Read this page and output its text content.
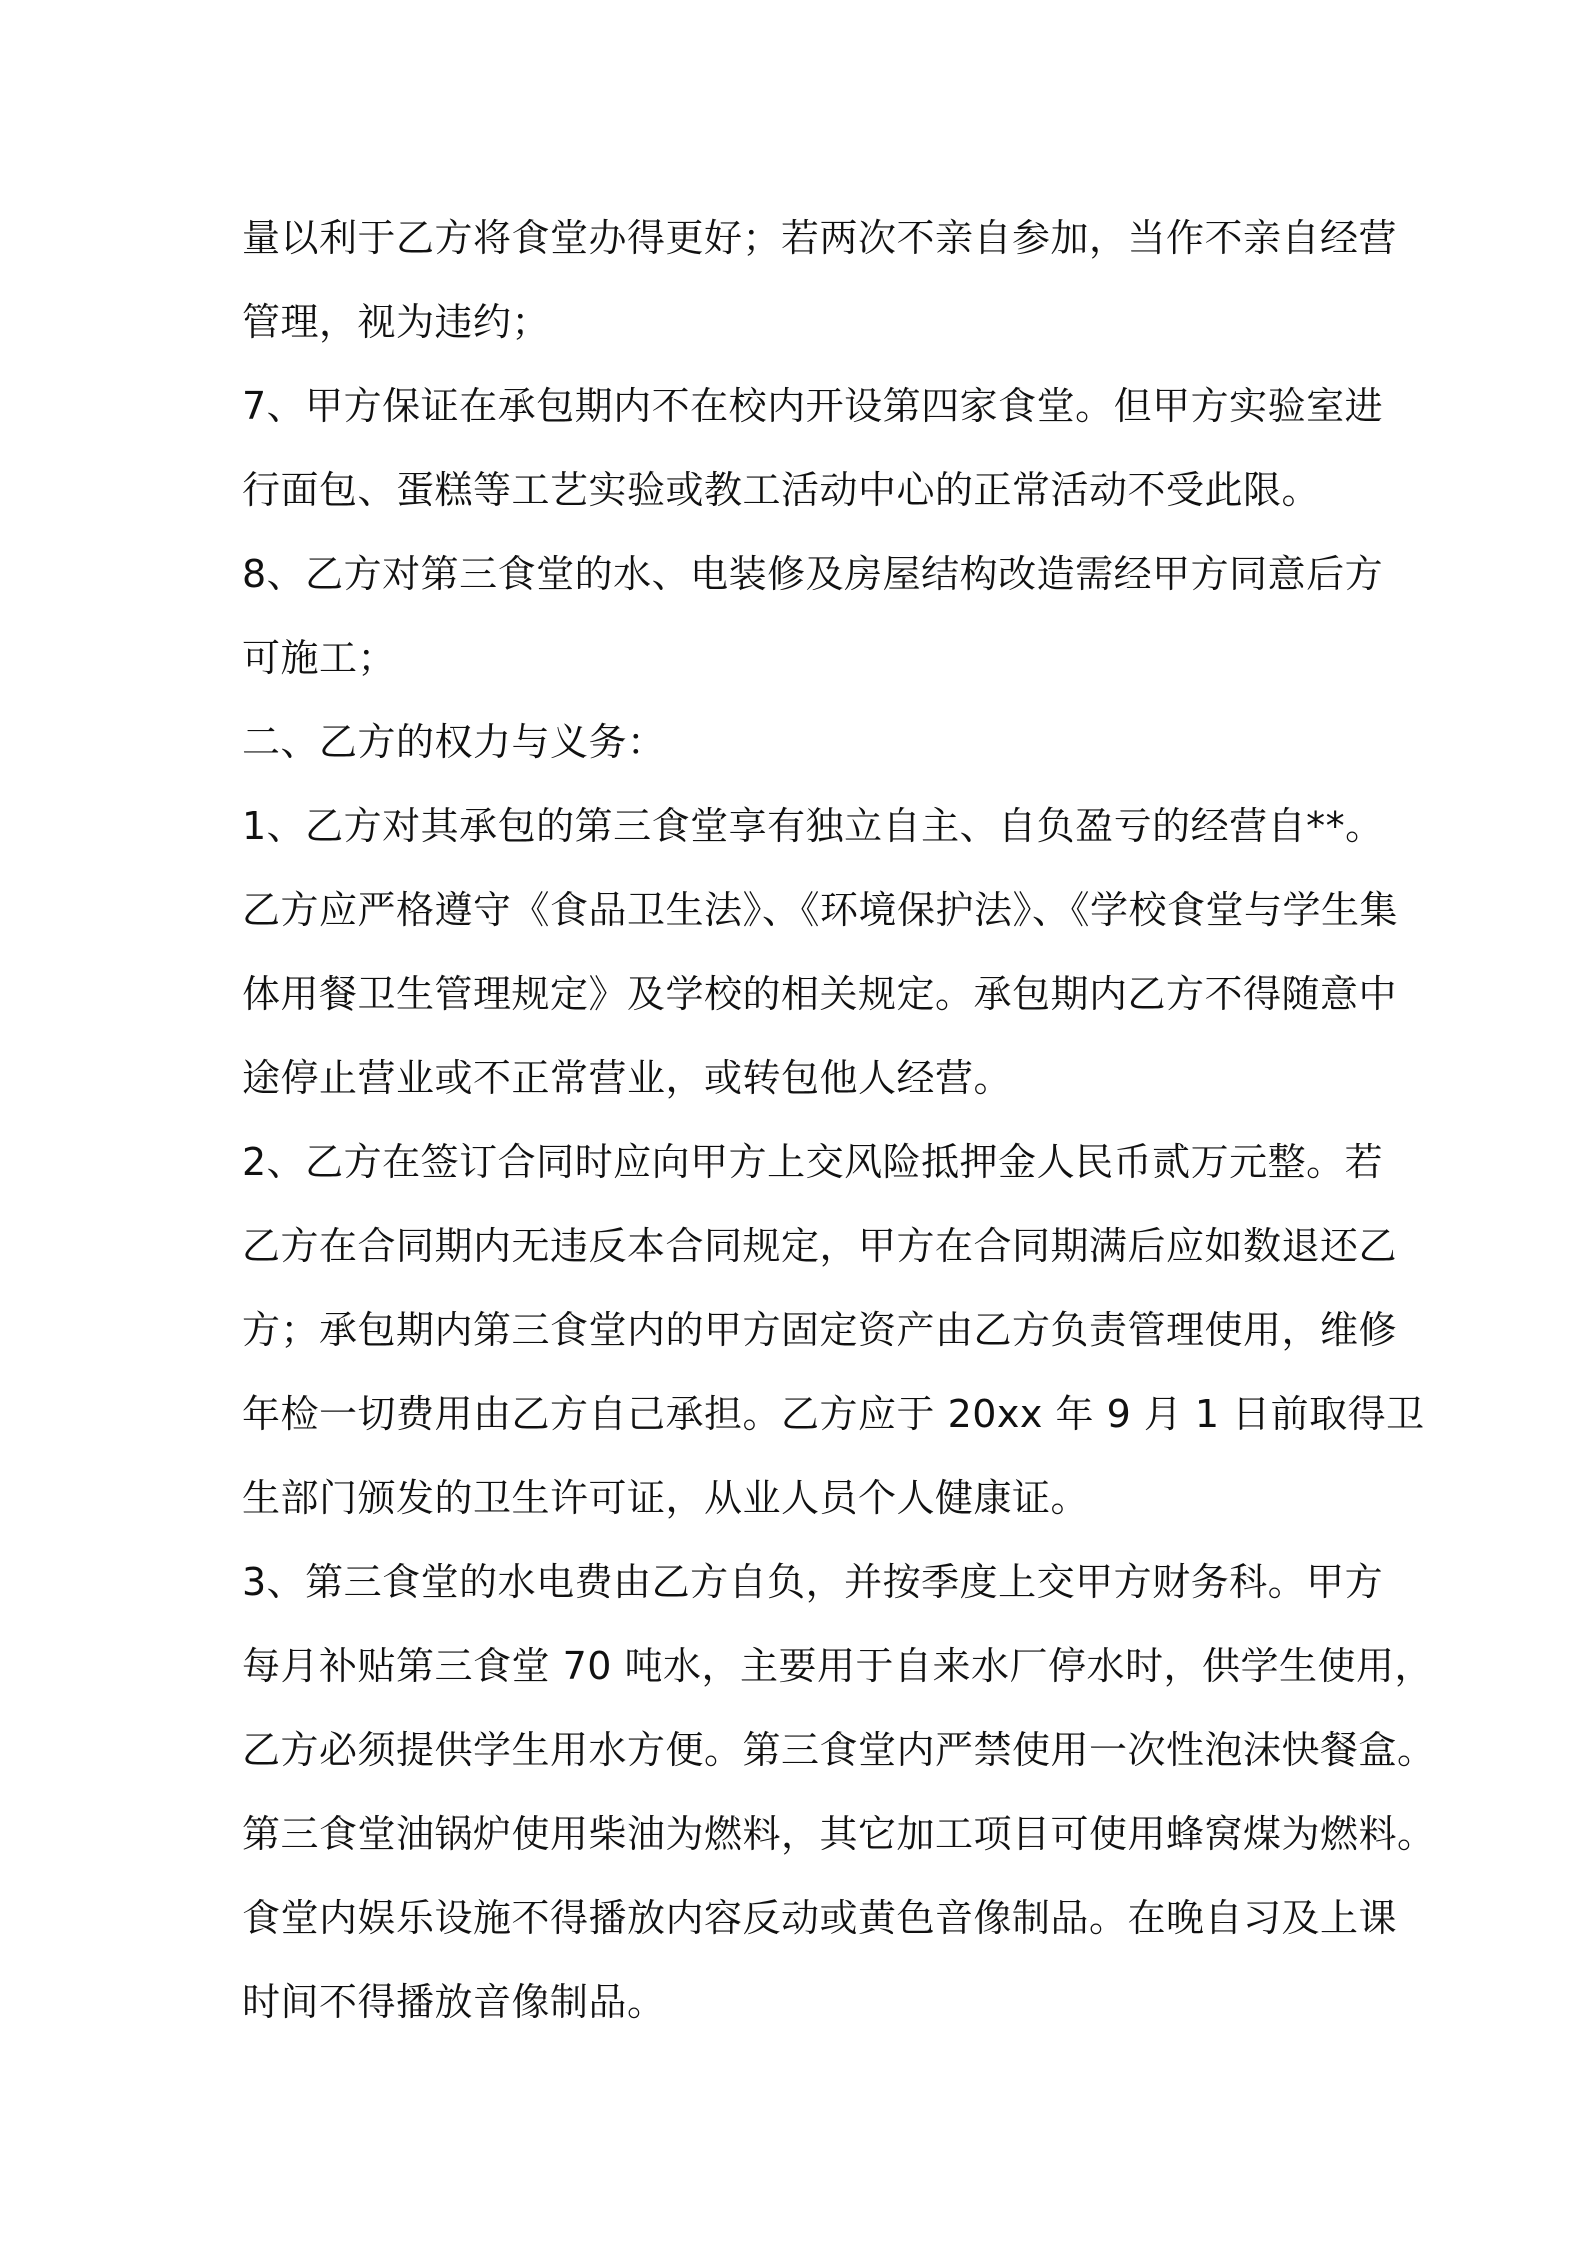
量以利于乙方将食堂办得更好；若两次不亲自参加，当作不亲自经营
管理，视为违约；
7、甲方保证在承包期内不在校内开设第四家食堂。但甲方实验室进
行面包、蛋糕等工艺实验或教工活动中心的正常活动不受此限。
8、乙方对第三食堂的水、电装修及房屋结构改造需经甲方同意后方
可施工；
二、乙方的权力与义务：
1、乙方对其承包的第三食堂享有独立自主、自负盈亏的经营自**。
乙方应严格遵守《食品卫生法》、《环境保护法》、《学校食堂与学生集
体用餐卫生管理规定》及学校的相关规定。承包期内乙方不得随意中
途停止营业或不正常营业，或转包他人经营。
2、乙方在签订合同时应向甲方上交风险抵押金人民币贰万元整。若
乙方在合同期内无违反本合同规定，甲方在合同期满后应如数退还乙
方；承包期内第三食堂内的甲方固定资产由乙方负责管理使用，维修
年检一切费用由乙方自己承担。乙方应于 20xx 年 9 月 1 日前取得卫
生部门颁发的卫生许可证，从业人员个人健康证。
3、第三食堂的水电费由乙方自负，并按季度上交甲方财务科。甲方
每月补贴第三食堂 70 吨水，主要用于自来水厂停水时，供学生使用，
乙方必须提供学生用水方便。第三食堂内严禁使用一次性泡沫快餐盒。
第三食堂油锅炉使用柴油为燃料，其它加工项目可使用蜂窝煤为燃料。
食堂内娱乐设施不得播放内容反动或黄色音像制品。在晚自习及上课
时间不得播放音像制品。
